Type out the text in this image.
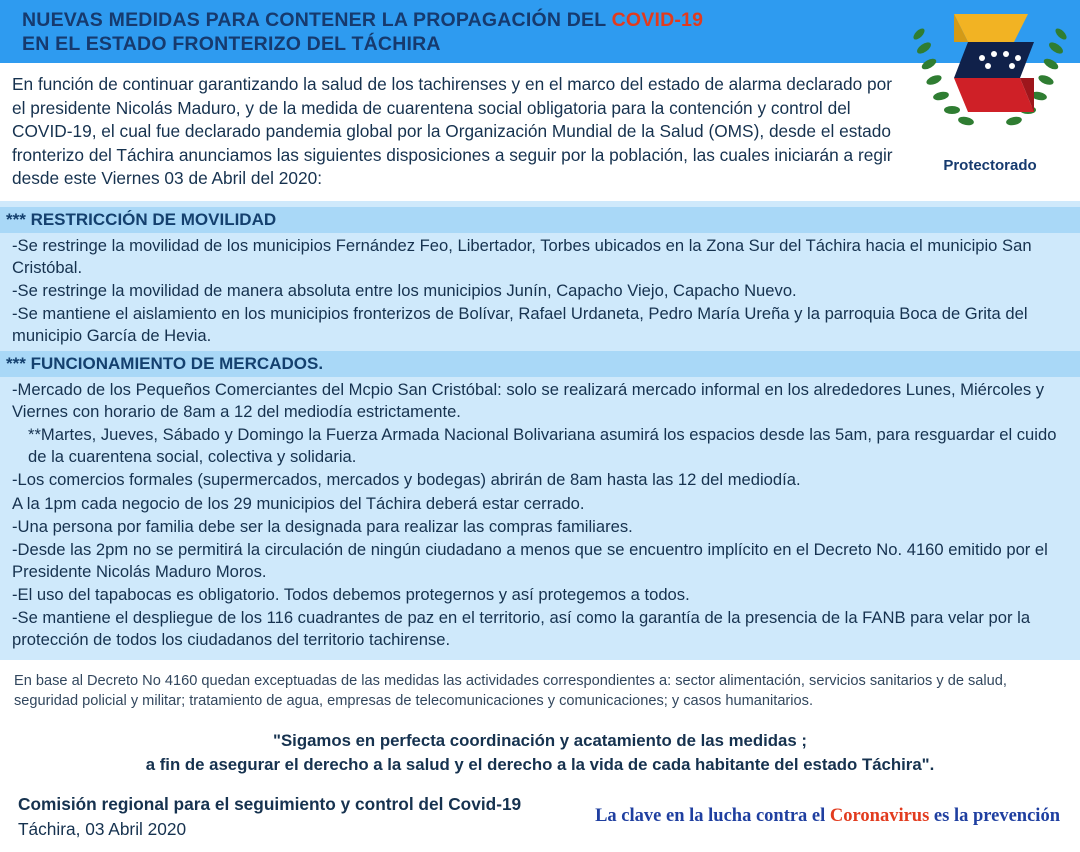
NUEVAS MEDIDAS PARA CONTENER LA PROPAGACIÓN DEL COVID-19
EN EL ESTADO FRONTERIZO DEL TÁCHIRA
Protectorado
En función de continuar garantizando la salud de los tachirenses y en el marco del estado de alarma declarado por el presidente Nicolás Maduro, y de la medida de cuarentena social obligatoria para la contención y control del COVID-19, el cual fue declarado pandemia global por la Organización Mundial de la Salud (OMS), desde el estado fronterizo del Táchira anunciamos las siguientes disposiciones a seguir por la población, las cuales iniciarán a regir desde este Viernes 03 de Abril del 2020:
*** RESTRICCIÓN DE MOVILIDAD
-Se restringe la movilidad de los municipios Fernández Feo, Libertador, Torbes ubicados en la Zona Sur del Táchira hacia el municipio San Cristóbal.
-Se restringe la movilidad de manera absoluta entre los municipios Junín, Capacho Viejo, Capacho Nuevo.
-Se mantiene el aislamiento en los municipios fronterizos de Bolívar, Rafael Urdaneta, Pedro María Ureña y la parroquia Boca de Grita del municipio García de Hevia.
*** FUNCIONAMIENTO DE MERCADOS.
-Mercado de los Pequeños Comerciantes del Mcpio San Cristóbal: solo se realizará mercado informal en los alrededores Lunes, Miércoles y Viernes con horario de 8am a 12 del mediodía estrictamente.
**Martes, Jueves, Sábado y Domingo la Fuerza Armada Nacional Bolivariana asumirá los espacios desde las 5am, para resguardar el cuido de la cuarentena social, colectiva y solidaria.
-Los comercios formales (supermercados, mercados y bodegas) abrirán de 8am hasta las 12 del mediodía.
A la 1pm cada negocio de los 29 municipios del Táchira deberá estar cerrado.
-Una persona por familia debe ser la designada para realizar las compras familiares.
-Desde las 2pm no se permitirá la circulación de ningún ciudadano a menos que se encuentro implícito en el Decreto No. 4160 emitido por el Presidente Nicolás Maduro Moros.
-El uso del tapabocas es obligatorio. Todos debemos protegernos y así protegemos a todos.
-Se mantiene el despliegue de los 116 cuadrantes de paz en el territorio, así como la garantía de la presencia de la FANB para velar por la protección de todos los ciudadanos del territorio tachirense.
En base al Decreto No 4160 quedan exceptuadas de las medidas las actividades correspondientes a: sector alimentación, servicios sanitarios y de salud, seguridad policial y militar; tratamiento de agua, empresas de telecomunicaciones y comunicaciones; y casos humanitarios.
"Sigamos en perfecta coordinación y acatamiento de las medidas ;
a fin de asegurar el derecho a la salud y el derecho a la vida de cada habitante del estado Táchira".
Comisión regional para el seguimiento y control del Covid-19
Táchira, 03 Abril 2020
La clave en la lucha contra el Coronavirus es la prevención
